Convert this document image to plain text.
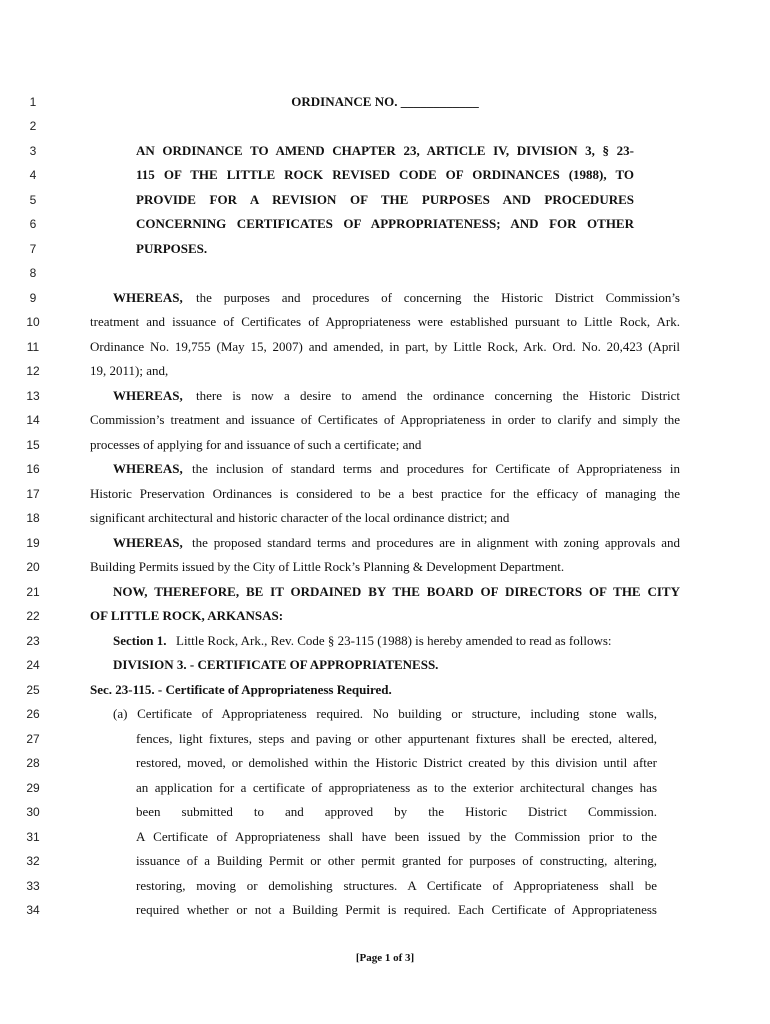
1
2
3
4
5
6
7
8
9
10
11
12
13
14
15
16
17
18
19
20
21
22
23
24
25
26
27
28
29
30
31
32
33
34
ORDINANCE NO. ____________
AN ORDINANCE TO AMEND CHAPTER 23, ARTICLE IV, DIVISION 3, § 23-
115 OF THE LITTLE ROCK REVISED CODE OF ORDINANCES (1988), TO
PROVIDE FOR A REVISION OF THE PURPOSES AND PROCEDURES
CONCERNING CERTIFICATES OF APPROPRIATENESS; AND FOR OTHER
PURPOSES.
WHEREAS, the purposes and procedures of concerning the Historic District Commission’s
treatment and issuance of Certificates of Appropriateness were established pursuant to Little Rock, Ark.
Ordinance No. 19,755 (May 15, 2007) and amended, in part, by Little Rock, Ark. Ord. No. 20,423 (April
19, 2011); and,
WHEREAS, there is now a desire to amend the ordinance concerning the Historic District
Commission’s treatment and issuance of Certificates of Appropriateness in order to clarify and simply the
processes of applying for and issuance of such a certificate; and
WHEREAS, the inclusion of standard terms and procedures for Certificate of Appropriateness in
Historic Preservation Ordinances is considered to be a best practice for the efficacy of managing the
significant architectural and historic character of the local ordinance district; and
WHEREAS, the proposed standard terms and procedures are in alignment with zoning approvals and
Building Permits issued by the City of Little Rock’s Planning & Development Department.
NOW, THEREFORE, BE IT ORDAINED BY THE BOARD OF DIRECTORS OF THE CITY
OF LITTLE ROCK, ARKANSAS:
Section 1. Little Rock, Ark., Rev. Code § 23-115 (1988) is hereby amended to read as follows:
DIVISION 3. - CERTIFICATE OF APPROPRIATENESS.
Sec. 23-115. - Certificate of Appropriateness Required.
(a) Certificate of Appropriateness required. No building or structure, including stone walls,
fences, light fixtures, steps and paving or other appurtenant fixtures shall be erected, altered,
restored, moved, or demolished within the Historic District created by this division until after
an application for a certificate of appropriateness as to the exterior architectural changes has
been submitted to and approved by the Historic District Commission.
A Certificate of Appropriateness shall have been issued by the Commission prior to the
issuance of a Building Permit or other permit granted for purposes of constructing, altering,
restoring, moving or demolishing structures. A Certificate of Appropriateness shall be
required whether or not a Building Permit is required. Each Certificate of Appropriateness
[Page 1 of 3]
